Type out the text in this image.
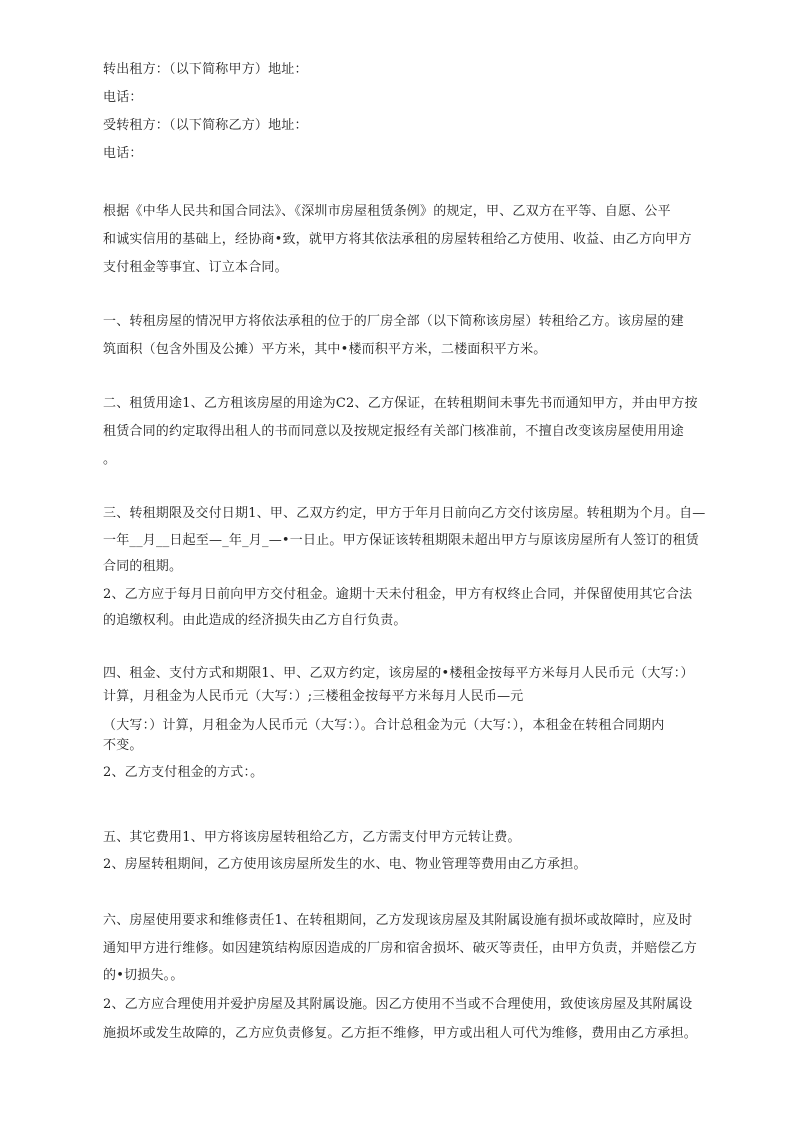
转出租方：（以下简称甲方）地址：
电话：
受转租方：（以下简称乙方）地址：
电话：
根据《中华人民共和国合同法》、《深圳市房屋租赁条例》的规定，甲、乙双方在平等、自愿、公平
和诚实信用的基础上，经协商•致，就甲方将其依法承租的房屋转租给乙方使用、收益、由乙方向甲方
支付租金等事宜、订立本合同。
一、转租房屋的情况甲方将依法承租的位于的厂房全部（以下简称该房屋）转租给乙方。该房屋的建
筑面积（包含外围及公摊）平方米，其中•楼而积平方米，二楼面积平方米。
二、租赁用途1、乙方租该房屋的用途为C2、乙方保证，在转租期间未事先书而通知甲方，并由甲方按
租赁合同的约定取得出租人的书而同意以及按规定报经有关部门核准前，不擅自改变该房屋使用用途
。
三、转租期限及交付日期1、甲、乙双方约定，甲方于年月日前向乙方交付该房屋。转租期为个月。自—
一年__月__日起至—_年_月_—•一日止。甲方保证该转租期限未超出甲方与原该房屋所有人签订的租赁
合同的租期。
2、乙方应于每月日前向甲方交付租金。逾期十天未付租金，甲方有权终止合同，并保留使用其它合法
的追缴权利。由此造成的经济损失由乙方自行负责。
四、租金、支付方式和期限1、甲、乙双方约定，该房屋的•楼租金按每平方米每月人民币元（大写：）
计算，月租金为人民币元（大写：）;三楼租金按每平方米每月人民币—元
（大写：）计算，月租金为人民币元（大写：）。合计总租金为元（大写：），本租金在转租合同期内
不变。
2、乙方支付租金的方式：。
五、其它费用1、甲方将该房屋转租给乙方，乙方需支付甲方元转让费。
2、房屋转租期间，乙方使用该房屋所发生的水、电、物业管理等费用由乙方承担。
六、房屋使用要求和维修责任1、在转租期间，乙方发现该房屋及其附属设施有损坏或故障时，应及时
通知甲方进行维修。如因建筑结构原因造成的厂房和宿舍损坏、破灭等责任，由甲方负责，并赔偿乙方
的•切损失。。
2、乙方应合理使用并爱护房屋及其附属设施。因乙方使用不当或不合理使用，致使该房屋及其附属设
施损坏或发生故障的，乙方应负责修复。乙方拒不维修，甲方或出租人可代为维修，费用由乙方承担。
